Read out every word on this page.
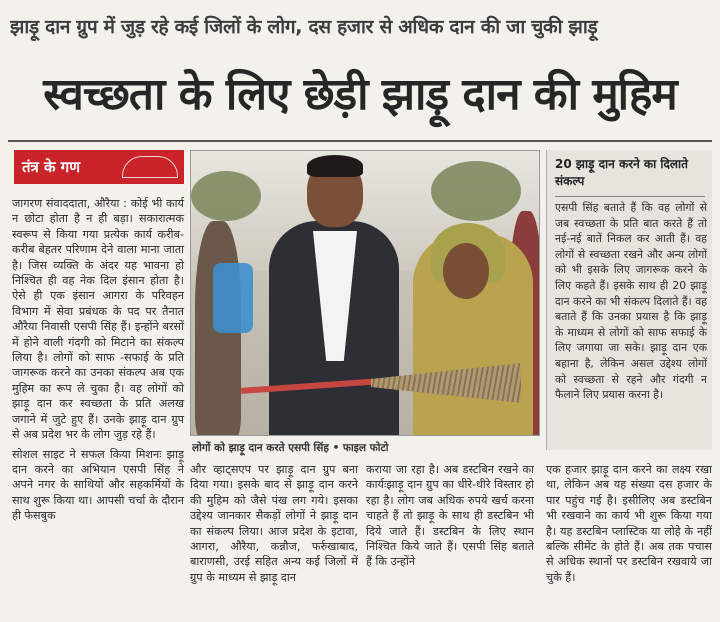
झाड़ू दान ग्रुप में जुड़ रहे कई जिलों के लोग, दस हजार से अधिक दान की जा चुकी झाड़ू
स्वच्छता के लिए छेड़ी झाड़ू दान की मुहिम
तंत्र के गण

जागरण संवाददाता, औरैया : कोई भी कार्य न छोटा होता है न ही बड़ा। सकारात्मक स्वरूप से किया गया प्रत्येक कार्य करीब-करीब बेहतर परिणाम देने वाला माना जाता है। जिस व्यक्ति के अंदर यह भावना हो निश्चित ही वह नेक दिल इंसान होता है। ऐसे ही एक इंसान आगरा के परिवहन विभाग में सेवा प्रबंधक के पद पर तैनात औरैया निवासी एसपी सिंह हैं। इन्होंने बरसों में होने वाली गंदगी को मिटाने का संकल्प लिया है। लोगों को साफ -सफाई के प्रति जागरूक करने का उनका संकल्प अब एक मुहिम का रूप ले चुका है। वह लोगों को झाड़ू दान कर स्वच्छता के प्रति अलख जगाने में जुटे हुए हैं। उनके झाड़ू दान ग्रुप से अब प्रदेश भर के लोग जुड़ रहे हैं।

सोशल साइट ने सफल किया मिशनः झाड़ू दान करने का अभियान एसपी सिंह ने अपने नगर के साथियों और सहकर्मियों के साथ शुरू किया था। आपसी चर्चा के दौरान ही फेसबुक

लोगों को झाड़ू दान करते एसपी सिंह • फाइल फोटो
और व्हाट्सएप पर झाड़ू दान ग्रुप बना दिया गया। इसके बाद से झाड़ू दान करने की मुहिम को जैसे पंख लग गये। इसका उद्देश्य जानकार सैकड़ों लोगों ने झाड़ू दान का संकल्प लिया। आज प्रदेश के इटावा, आगरा, औरैया, कन्नौज, फर्रुखाबाद, बाराणसी, उरई सहित अन्य कई जिलों में ग्रुप के माध्यम से झाड़ू दान
कराया जा रहा है। अब डस्टबिन रखने का कार्यःझाड़ू दान ग्रुप का धीरे-धीरे विस्तार हो रहा है। लोग जब अधिक रुपये खर्च करना चाहते हैं तो झाड़ू के साथ ही डस्टबिन भी दिये जाते हैं। डस्टबिन के लिए स्थान निश्चित किये जाते हैं। एसपी सिंह बताते हैं कि उन्होंने
एक हजार झाड़ू दान करने का लक्ष्य रखा था, लेकिन अब यह संख्या दस हजार के पार पहुंच गई है। इसीलिए अब डस्टबिन भी रखवाने का कार्य भी शुरू किया गया है। यह डस्टबिन प्लास्टिक या लोहे के नहीं बल्कि सीमेंट के होते हैं। अब तक पचास से अधिक स्थानों पर डस्टबिन रखवाये जा चुके हैं।
20 झाड़ू दान करने का दिलाते संकल्प
एसपी सिंह बताते हैं कि वह लोगों से जब स्वच्छता के प्रति बात करते हैं तो नई-नई बातें निकल कर आती हैं। वह लोगों से स्वच्छता रखने और अन्य लोगों को भी इसके लिए जागरूक करने के लिए कहते हैं। इसके साथ ही 20 झाड़ू दान करने का भी संकल्प दिलाते हैं। वह बताते हैं कि उनका प्रयास है कि झाड़ू के माध्यम से लोगों को साफ सफाई के लिए जगाया जा सके। झाड़ू दान एक बहाना है, लेकिन असल उद्देश्य लोगों को स्वच्छता से रहने और गंदगी न फैलाने लिए प्रयास करना है।
